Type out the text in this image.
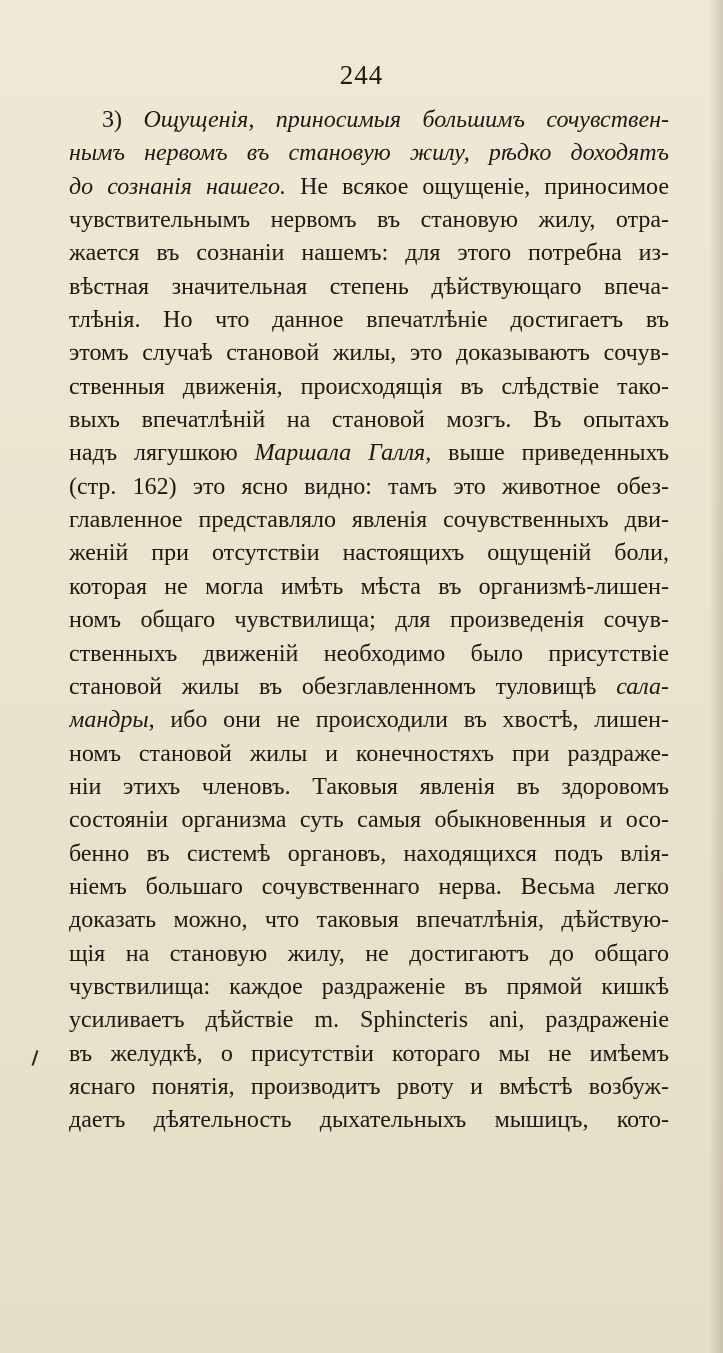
244
3) Ощущенія, приносимыя большимъ сочувствен-
нымъ нервомъ въ становую жилу, рѣдко доходятъ
до сознанія нашего. Не всякое ощущеніе, приносимое
чувствительнымъ нервомъ въ становую жилу, отра-
жается въ сознаніи нашемъ: для этого потребна из-
вѣстная значительная степень дѣйствующаго впеча-
тлѣнія. Но что данное впечатлѣніе достигаетъ въ
этомъ случаѣ становой жилы, это доказываютъ сочув-
ственныя движенія, происходящія въ слѣдствіе тако-
выхъ впечатлѣній на становой мозгъ. Въ опытахъ
надъ лягушкою Маршала Галля, выше приведенныхъ
(стр. 162) это ясно видно: тамъ это животное обез-
главленное представляло явленія сочувственныхъ дви-
женій при отсутствіи настоящихъ ощущеній боли,
которая не могла имѣть мѣста въ организмѣ-лишен-
номъ общаго чувствилища; для произведенія сочув-
ственныхъ движеній необходимо было присутствіе
становой жилы въ обезглавленномъ туловищѣ сала-
мандры, ибо они не происходили въ хвостѣ, лишен-
номъ становой жилы и конечностяхъ при раздраже-
ніи этихъ членовъ. Таковыя явленія въ здоровомъ
состояніи организма суть самыя обыкновенныя и осо-
бенно въ системѣ органовъ, находящихся подъ влія-
ніемъ большаго сочувственнаго нерва. Весьма легко
доказать можно, что таковыя впечатлѣнія, дѣйствую-
щія на становую жилу, не достигаютъ до общаго
чувствилища: каждое раздраженіе въ прямой кишкѣ
усиливаетъ дѣйствіе m. Sphincteris ani, раздраженіе
въ желудкѣ, о присутствіи котораго мы не имѣемъ
яснаго понятія, производитъ рвоту и вмѣстѣ возбуж-
даетъ дѣятельность дыхательныхъ мышицъ, кото-
